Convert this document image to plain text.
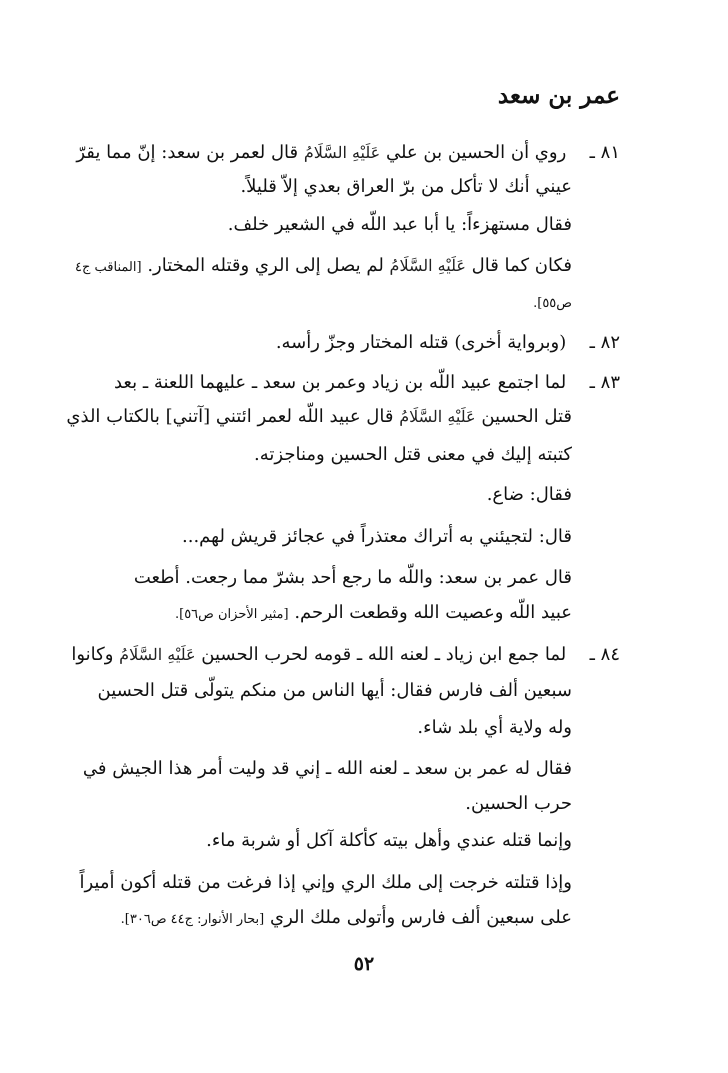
عمر بن سعد
٨١ ـ روي أن الحسين بن علي عَلَيْهِ السَّلَامُ قال لعمر بن سعد: إنّ مما يقرّ
عيني أنك لا تأكل من برّ العراق بعدي إلاّ قليلاً.
فقال مستهزءاً: يا أبا عبد اللّه في الشعير خلف.
فكان كما قال عَلَيْهِ السَّلَامُ لم يصل إلى الري وقتله المختار. [المناقب ج٤
ص٥٥].
٨٢ ـ (وبرواية أخرى) قتله المختار وجزّ رأسه.
٨٣ ـ لما اجتمع عبيد اللّه بن زياد وعمر بن سعد ـ عليهما اللعنة ـ بعد
قتل الحسين عَلَيْهِ السَّلَامُ قال عبيد اللّه لعمر ائتني [آتني] بالكتاب الذي
كتبته إليك في معنى قتل الحسين ومناجزته.
فقال: ضاع.
قال: لتجيئني به أتراك معتذراً في عجائز قريش لهم...
قال عمر بن سعد: واللّه ما رجع أحد بشرّ مما رجعت. أطعت
عبيد اللّه وعصيت الله وقطعت الرحم. [مثير الأحزان ص٥٦].
٨٤ ـ لما جمع ابن زياد ـ لعنه الله ـ قومه لحرب الحسين عَلَيْهِ السَّلَامُ وكانوا
سبعين ألف فارس فقال: أيها الناس من منكم يتولّى قتل الحسين
وله ولاية أي بلد شاء.
فقال له عمر بن سعد ـ لعنه الله ـ إني قد وليت أمر هذا الجيش في
حرب الحسين.
وإنما قتله عندي وأهل بيته كأكلة آكل أو شربة ماء.
وإذا قتلته خرجت إلى ملك الري وإني إذا فرغت من قتله أكون أميراً
على سبعين ألف فارس وأتولى ملك الري [بحار الأنوار: ج٤٤ ص٣٠٦].
٥٢
